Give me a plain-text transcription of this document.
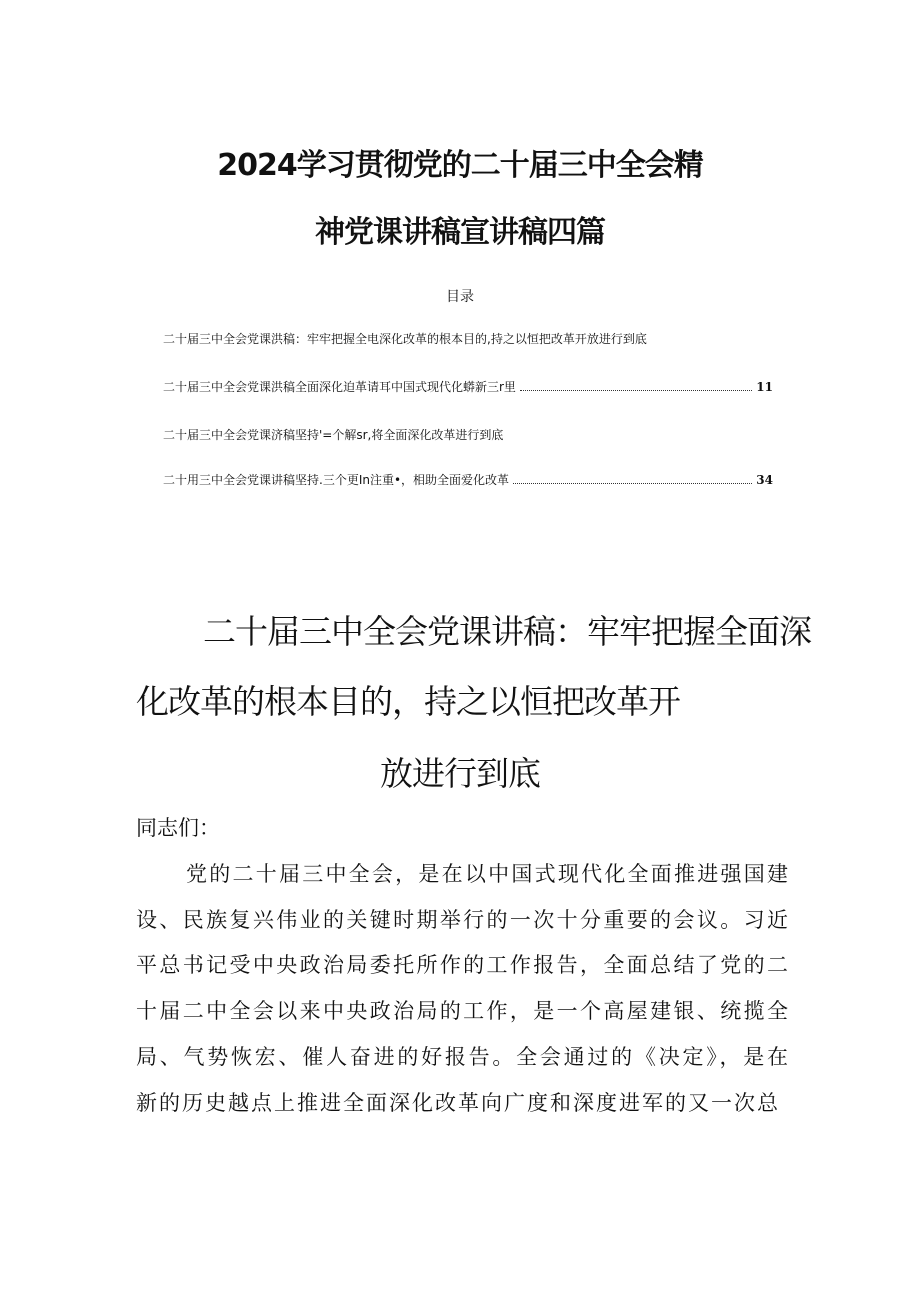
2024学习贯彻党的二十届三中全会精
神党课讲稿宣讲稿四篇
目录
二十届三中全会党课洪稿：牢牢把握全电深化改革的根本目的,持之以恒把改革开放进行到底
二十届三中全会党课洪稿全面深化迫革请耳中国式现代化蟒新三r里	11
二十届三中全会党课济稿坚持'=个解sr,将全面深化改革进行到底
二十用三中全会党课讲稿坚持.三个更In注重•，相助全面爱化改革	34
二十届三中全会党课讲稿：牢牢把握全面深
化改革的根本目的，持之以恒把改革开
放进行到底
同志们：

党的二十届三中全会，是在以中国式现代化全面推进强国建设、民族复兴伟业的关键时期举行的一次十分重要的会议。习近平总书记受中央政治局委托所作的工作报告，全面总结了党的二十届二中全会以来中央政治局的工作，是一个高屋建银、统揽全局、气势恢宏、催人奋进的好报告。全会通过的《决定》，是在新的历史越点上推进全面深化改革向广度和深度进军的又一次总
